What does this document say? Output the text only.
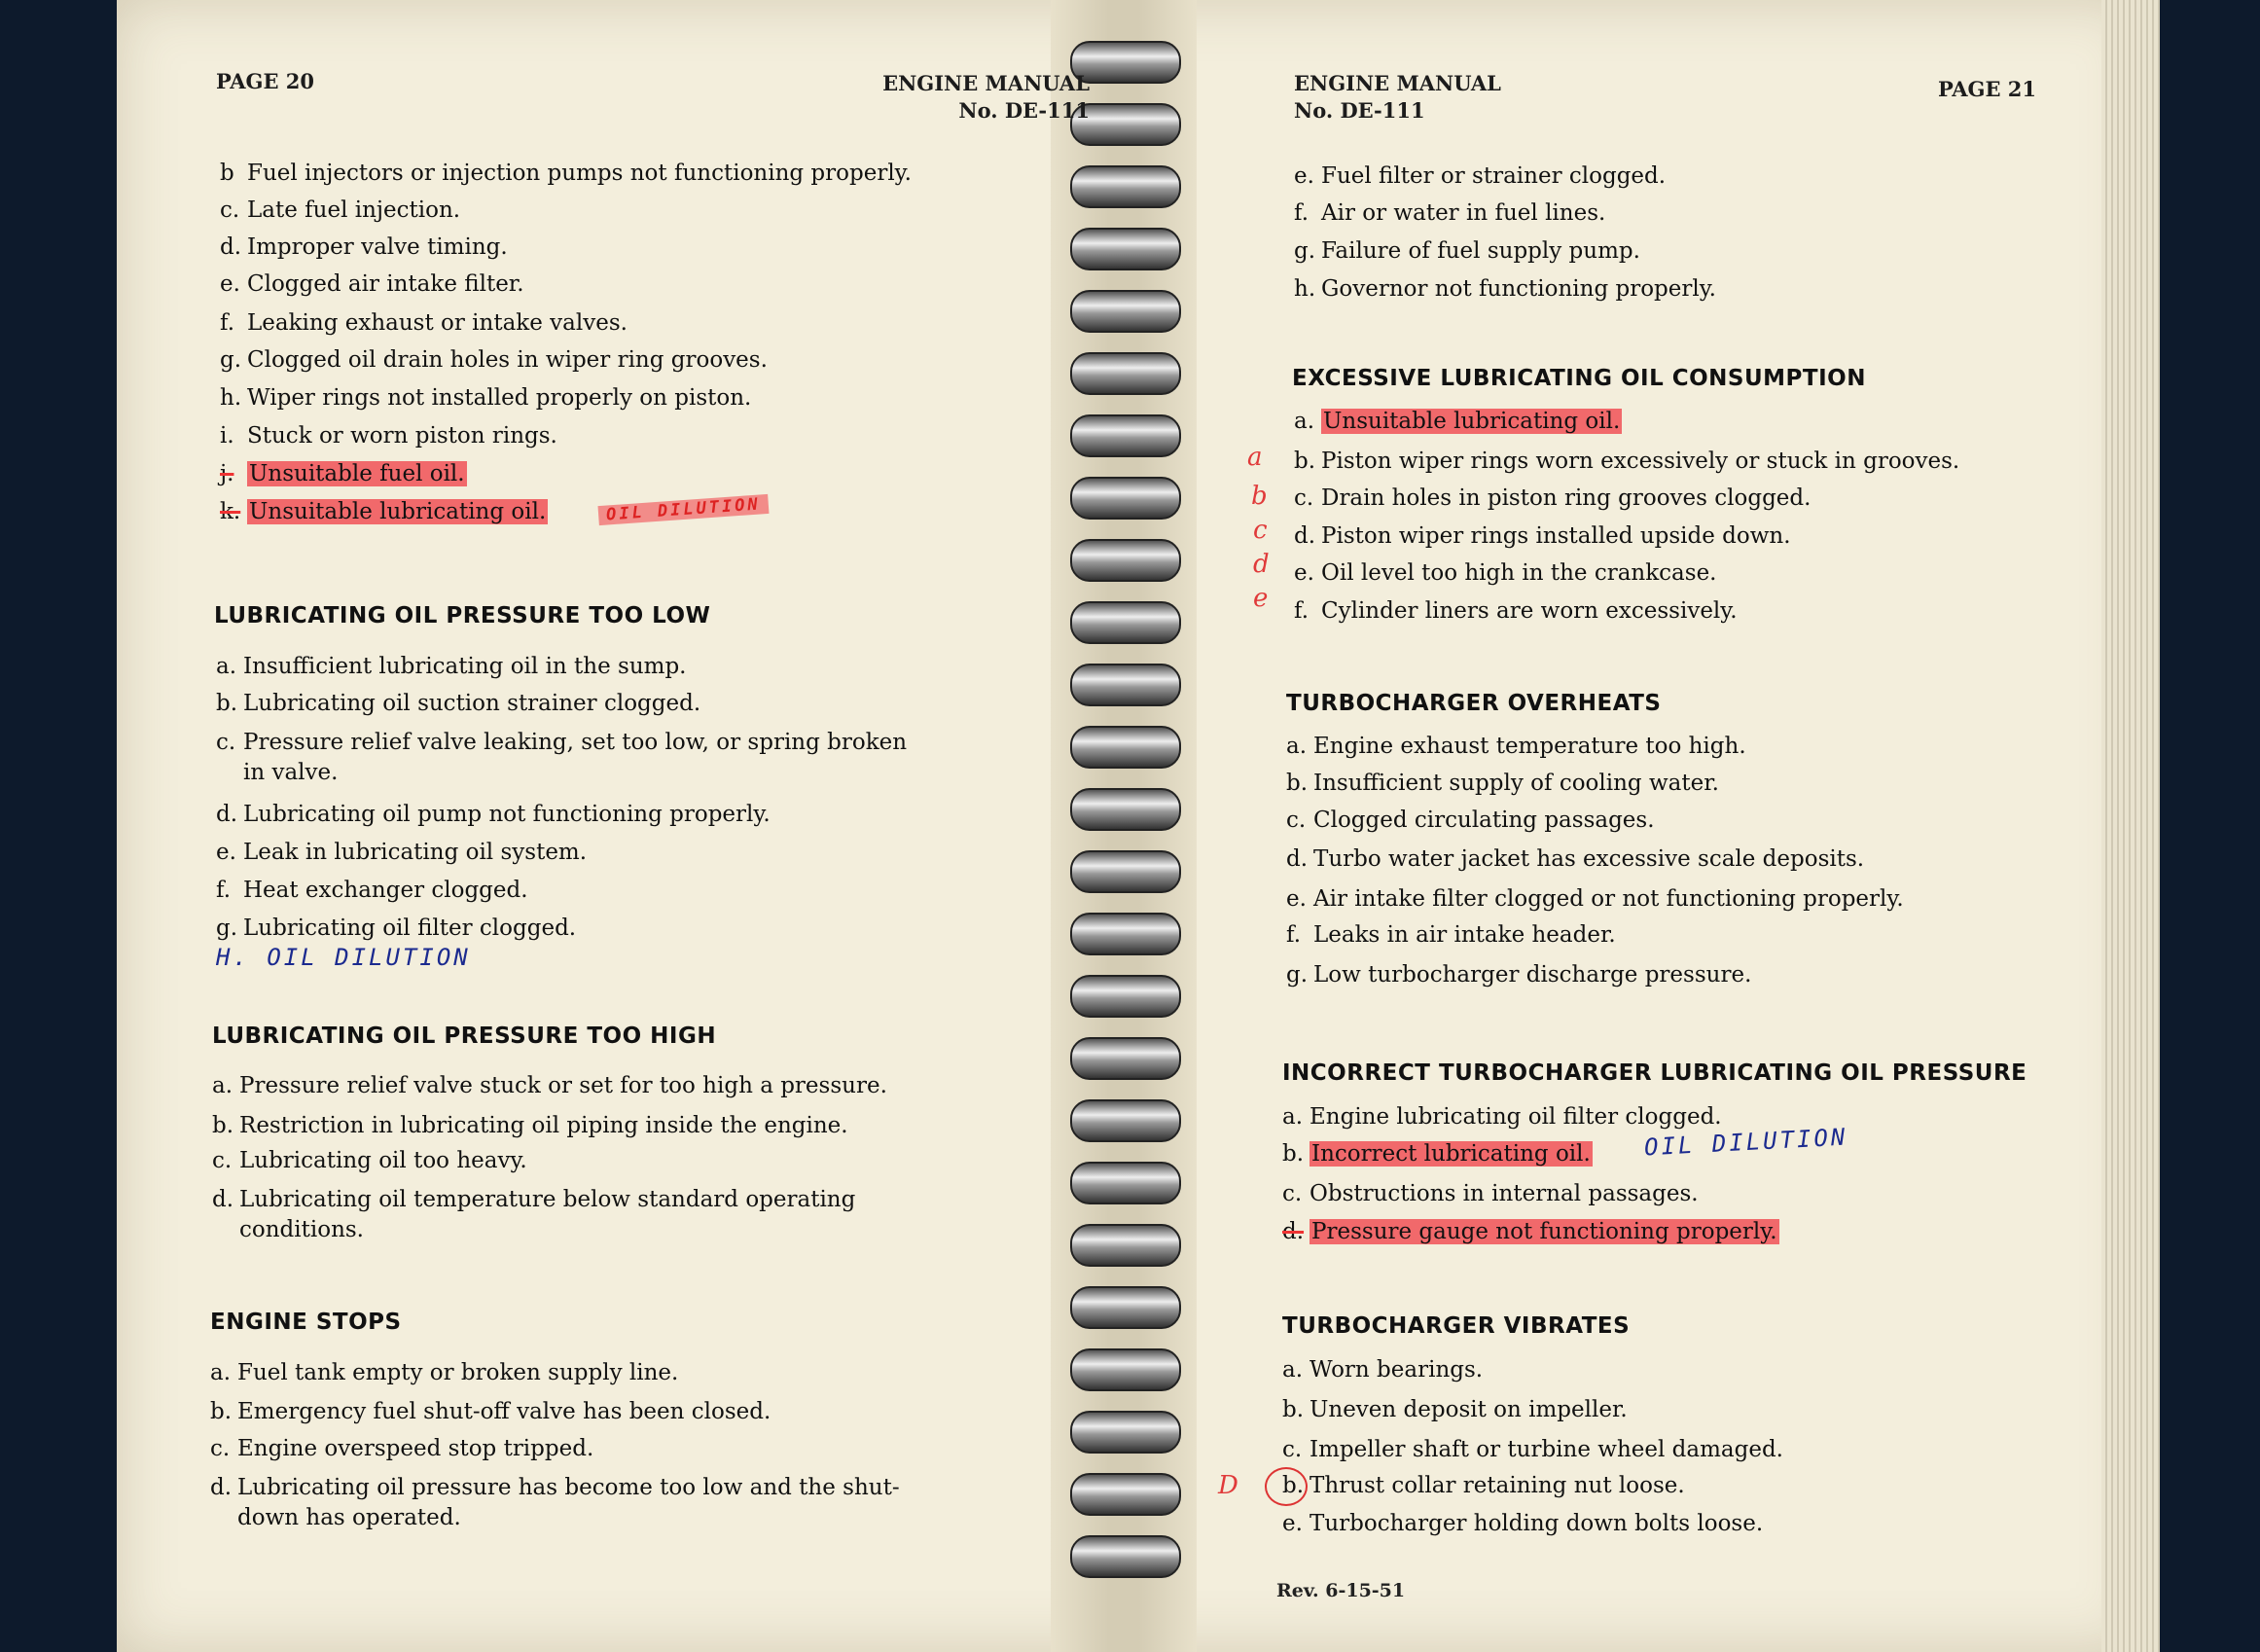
PAGE 20	ENGINE MANUAL
No. DE-111
b Fuel injectors or injection pumps not functioning properly.
c. Late fuel injection.
d. Improper valve timing.
e. Clogged air intake filter.
f. Leaking exhaust or intake valves.
g. Clogged oil drain holes in wiper ring grooves.
h. Wiper rings not installed properly on piston.
i. Stuck or worn piston rings.
j. Unsuitable fuel oil.
k. Unsuitable lubricating oil.	OIL DILUTION
LUBRICATING OIL PRESSURE TOO LOW
a. Insufficient lubricating oil in the sump.
b. Lubricating oil suction strainer clogged.
c. Pressure relief valve leaking, set too low, or spring broken
in valve.
d. Lubricating oil pump not functioning properly.
e. Leak in lubricating oil system.
f. Heat exchanger clogged.
g. Lubricating oil filter clogged.
H. OIL DILUTION
LUBRICATING OIL PRESSURE TOO HIGH
a. Pressure relief valve stuck or set for too high a pressure.
b. Restriction in lubricating oil piping inside the engine.
c. Lubricating oil too heavy.
d. Lubricating oil temperature below standard operating
conditions.
ENGINE STOPS
a. Fuel tank empty or broken supply line.
b. Emergency fuel shut-off valve has been closed.
c. Engine overspeed stop tripped.
d. Lubricating oil pressure has become too low and the shut-
down has operated.
ENGINE MANUAL
No. DE-111
PAGE 21
e. Fuel filter or strainer clogged.
f. Air or water in fuel lines.
g. Failure of fuel supply pump.
h. Governor not functioning properly.
EXCESSIVE LUBRICATING OIL CONSUMPTION
a. Unsuitable lubricating oil.
b. Piston wiper rings worn excessively or stuck in grooves.
c. Drain holes in piston ring grooves clogged.
d. Piston wiper rings installed upside down.
e. Oil level too high in the crankcase.
f. Cylinder liners are worn excessively.
a
b
c
d
e
TURBOCHARGER OVERHEATS
a. Engine exhaust temperature too high.
b. Insufficient supply of cooling water.
c. Clogged circulating passages.
d. Turbo water jacket has excessive scale deposits.
e. Air intake filter clogged or not functioning properly.
f. Leaks in air intake header.
g. Low turbocharger discharge pressure.
INCORRECT TURBOCHARGER LUBRICATING OIL PRESSURE
a. Engine lubricating oil filter clogged.
b. Incorrect lubricating oil. OIL DILUTION
c. Obstructions in internal passages.
d. Pressure gauge not functioning properly.
TURBOCHARGER VIBRATES
a. Worn bearings.
b. Uneven deposit on impeller.
c. Impeller shaft or turbine wheel damaged.
b. Thrust collar retaining nut loose.
D
e. Turbocharger holding down bolts loose.
Rev. 6-15-51
